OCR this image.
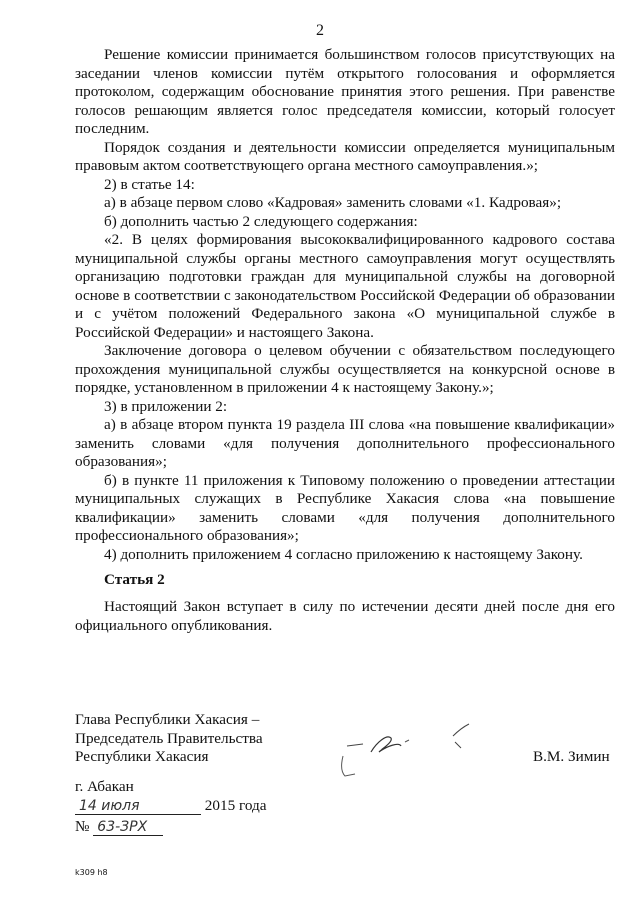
2

Решение комиссии принимается большинством голосов присутствующих на заседании членов комиссии путём открытого голосования и оформляется протоколом, содержащим обоснование принятия этого решения. При равенстве голосов решающим является голос председателя комиссии, который голосует последним.

Порядок создания и деятельности комиссии определяется муниципальным правовым актом соответствующего органа местного самоуправления.»;

2) в статье 14:

а) в абзаце первом слово «Кадровая» заменить словами «1. Кадровая»;

б) дополнить частью 2 следующего содержания:

«2. В целях формирования высококвалифицированного кадрового состава муниципальной службы органы местного самоуправления могут осуществлять организацию подготовки граждан для муниципальной службы на договорной основе в соответствии с законодательством Российской Федерации об образовании и с учётом положений Федерального закона «О муниципальной службе в Российской Федерации» и настоящего Закона.

Заключение договора о целевом обучении с обязательством последующего прохождения муниципальной службы осуществляется на конкурсной основе в порядке, установленном в приложении 4 к настоящему Закону.»;

3) в приложении 2:

а) в абзаце втором пункта 19 раздела III слова «на повышение квалификации» заменить словами «для получения дополнительного профессионального образования»;

б) в пункте 11 приложения к Типовому положению о проведении аттестации муниципальных служащих в Республике Хакасия слова «на повышение квалификации» заменить словами «для получения дополнительного профессионального образования»;

4) дополнить приложением 4 согласно приложению к настоящему Закону.

Статья 2

Настоящий Закон вступает в силу по истечении десяти дней после дня его официального опубликования.

Глава Республики Хакасия –
Председатель Правительства
Республики Хакасия	В.М. Зимин
г. Абакан
14 июля	2015 года
№ 63-ЗРХ
k309 h8
